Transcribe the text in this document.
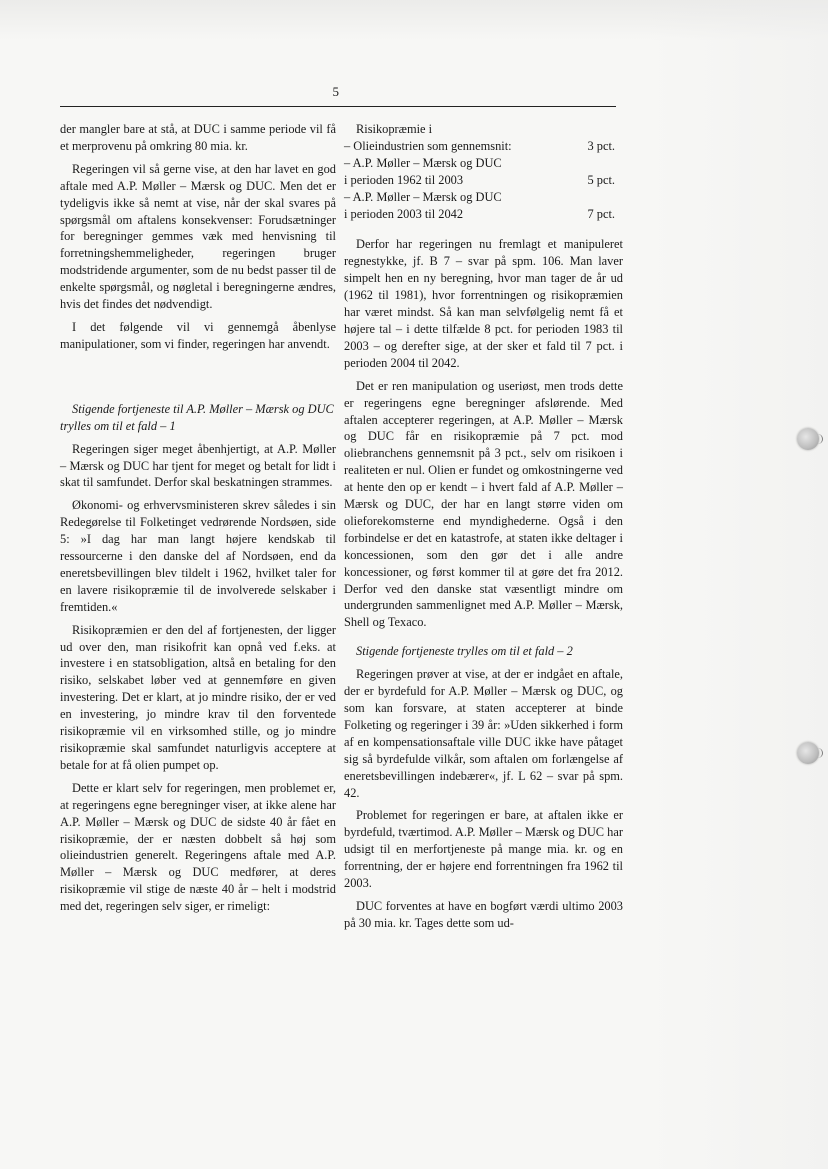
5

der mangler bare at stå, at DUC i samme periode vil få et merprovenu på omkring 80 mia. kr.

Regeringen vil så gerne vise, at den har lavet en god aftale med A.P. Møller – Mærsk og DUC. Men det er tydeligvis ikke så nemt at vise, når der skal svares på spørgsmål om aftalens konsekvenser: Forudsætninger for beregninger gemmes væk med henvisning til forretningshemmeligheder, regeringen bruger modstridende argumenter, som de nu bedst passer til de enkelte spørgsmål, og nøgletal i beregningerne ændres, hvis det findes det nødvendigt.

I det følgende vil vi gennemgå åbenlyse manipulationer, som vi finder, regeringen har anvendt.

Stigende fortjeneste til A.P. Møller – Mærsk og DUC trylles om til et fald – 1

Regeringen siger meget åbenhjertigt, at A.P. Møller – Mærsk og DUC har tjent for meget og betalt for lidt i skat til samfundet. Derfor skal beskatningen strammes.

Økonomi- og erhvervsministeren skrev således i sin Redegørelse til Folketinget vedrørende Nordsøen, side 5: »I dag har man langt højere kendskab til ressourcerne i den danske del af Nordsøen, end da eneretsbevillingen blev tildelt i 1962, hvilket taler for en lavere risikopræmie til de involverede selskaber i fremtiden.«

Risikopræmien er den del af fortjenesten, der ligger ud over den, man risikofrit kan opnå ved f.eks. at investere i en statsobligation, altså en betaling for den risiko, selskabet løber ved at gennemføre en given investering. Det er klart, at jo mindre risiko, der er ved en investering, jo mindre krav til den forventede risikopræmie vil en virksomhed stille, og jo mindre risikopræmie skal samfundet naturligvis acceptere at betale for at få olien pumpet op.

Dette er klart selv for regeringen, men problemet er, at regeringens egne beregninger viser, at ikke alene har A.P. Møller – Mærsk og DUC de sidste 40 år fået en risikopræmie, der er næsten dobbelt så høj som olieindustrien generelt. Regeringens aftale med A.P. Møller – Mærsk og DUC medfører, at deres risikopræmie vil stige de næste 40 år – helt i modstrid med det, regeringen selv siger, er rimeligt:

Risikopræmie i

– Olieindustrien som gennemsnit:	3 pct.
– A.P. Møller – Mærsk og DUC
i perioden 1962 til 2003	5 pct.
– A.P. Møller – Mærsk og DUC
i perioden 2003 til 2042	7 pct.

Derfor har regeringen nu fremlagt et manipuleret regnestykke, jf. B 7 – svar på spm. 106. Man laver simpelt hen en ny beregning, hvor man tager de år ud (1962 til 1981), hvor forrentningen og risikopræmien har været mindst. Så kan man selvfølgelig nemt få et højere tal – i dette tilfælde 8 pct. for perioden 1983 til 2003 – og derefter sige, at der sker et fald til 7 pct. i perioden 2004 til 2042.

Det er ren manipulation og useriøst, men trods dette er regeringens egne beregninger afslørende. Med aftalen accepterer regeringen, at A.P. Møller – Mærsk og DUC får en risikopræmie på 7 pct. mod oliebranchens gennemsnit på 3 pct., selv om risikoen i realiteten er nul. Olien er fundet og omkostningerne ved at hente den op er kendt – i hvert fald af A.P. Møller – Mærsk og DUC, der har en langt større viden om olieforekomsterne end myndighederne. Også i den forbindelse er det en katastrofe, at staten ikke deltager i koncessionen, som den gør det i alle andre koncessioner, og først kommer til at gøre det fra 2012. Derfor ved den danske stat væsentligt mindre om undergrunden sammenlignet med A.P. Møller – Mærsk, Shell og Texaco.

Stigende fortjeneste trylles om til et fald – 2

Regeringen prøver at vise, at der er indgået en aftale, der er byrdefuld for A.P. Møller – Mærsk og DUC, og som kan forsvare, at staten accepterer at binde Folketing og regeringer i 39 år: »Uden sikkerhed i form af en kompensationsaftale ville DUC ikke have påtaget sig så byrdefulde vilkår, som aftalen om forlængelse af eneretsbevillingen indebærer«, jf. L 62 – svar på spm. 42.

Problemet for regeringen er bare, at aftalen ikke er byrdefuld, tværtimod. A.P. Møller – Mærsk og DUC har udsigt til en merfortjeneste på mange mia. kr. og en forrentning, der er højere end forrentningen fra 1962 til 2003.

DUC forventes at have en bogført værdi ultimo 2003 på 30 mia. kr. Tages dette som ud-
